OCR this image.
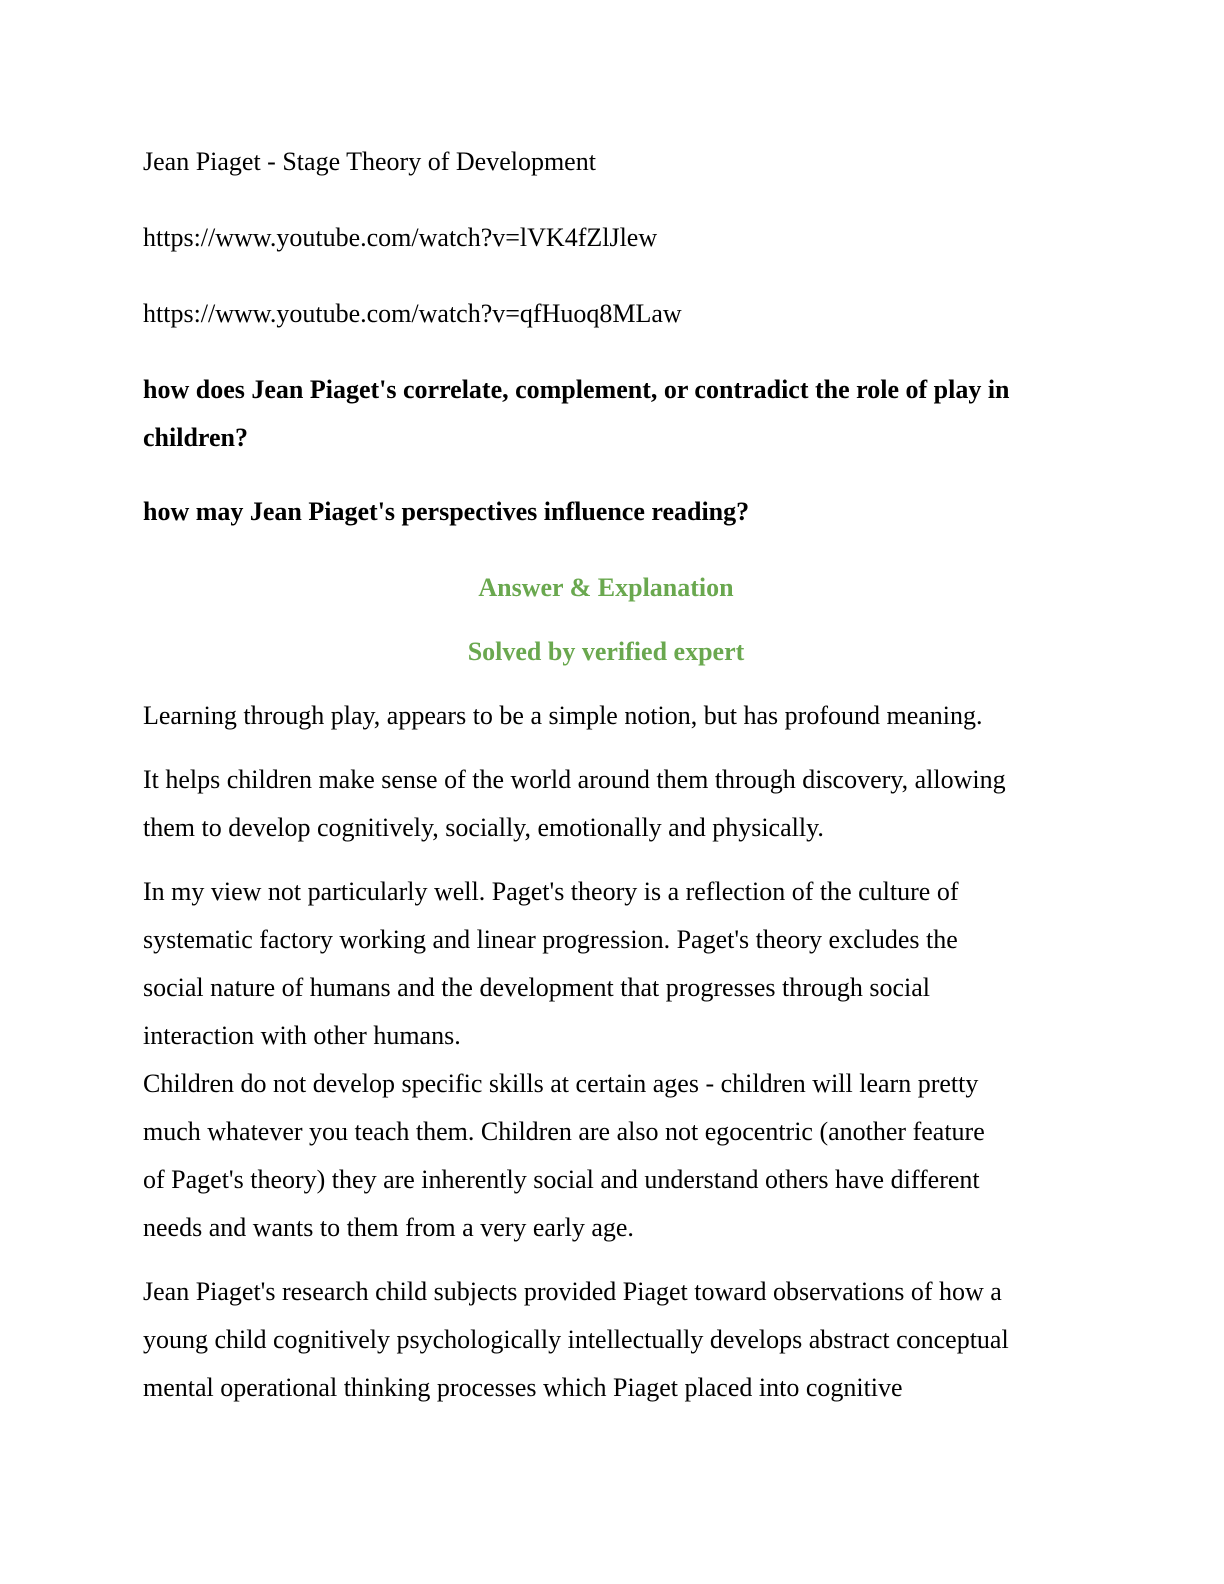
Jean Piaget - Stage Theory of Development

https://www.youtube.com/watch?v=lVK4fZlJlew

https://www.youtube.com/watch?v=qfHuoq8MLaw

how does Jean Piaget's correlate, complement, or contradict the role of play in

children?

how may Jean Piaget's perspectives influence reading?

Answer & Explanation

Solved by verified expert

Learning through play, appears to be a simple notion, but has profound meaning.

It helps children make sense of the world around them through discovery, allowing

them to develop cognitively, socially, emotionally and physically.

In my view not particularly well. Paget's theory is a reflection of the culture of

systematic factory working and linear progression. Paget's theory excludes the

social nature of humans and the development that progresses through social

interaction with other humans.

Children do not develop specific skills at certain ages - children will learn pretty

much whatever you teach them. Children are also not egocentric (another feature

of Paget's theory) they are inherently social and understand others have different

needs and wants to them from a very early age.

Jean Piaget's research child subjects provided Piaget toward observations of how a

young child cognitively psychologically intellectually develops abstract conceptual

mental operational thinking processes which Piaget placed into cognitive
